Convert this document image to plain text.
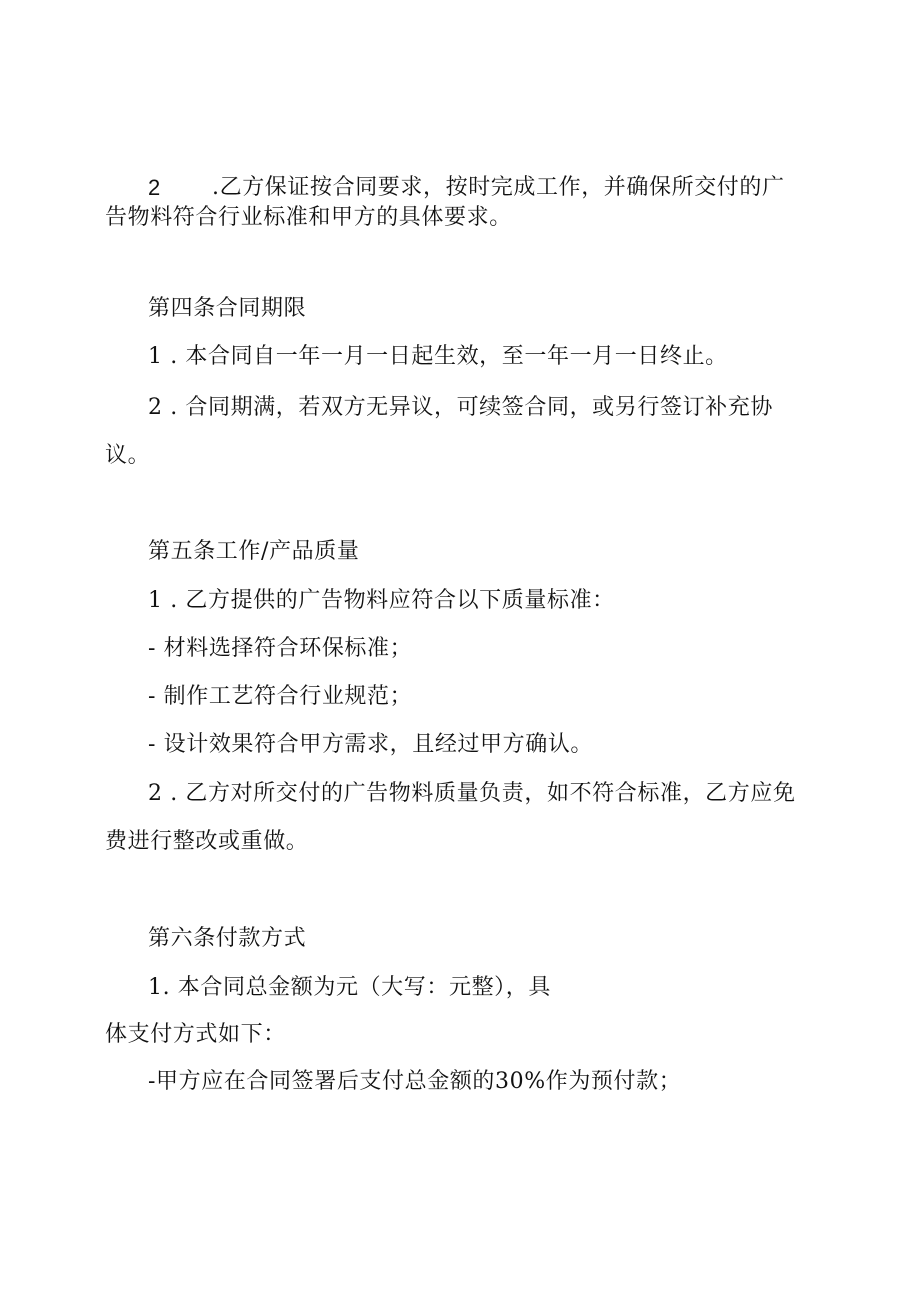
2 .乙方保证按合同要求，按时完成工作，并确保所交付的广
告物料符合行业标准和甲方的具体要求。
第四条合同期限
1 . 本合同自一年一月一日起生效，至一年一月一日终止。
2 . 合同期满，若双方无异议，可续签合同，或另行签订补充协
议。
第五条工作/产品质量
1 . 乙方提供的广告物料应符合以下质量标准：
- 材料选择符合环保标准；
- 制作工艺符合行业规范；
- 设计效果符合甲方需求，且经过甲方确认。
2 . 乙方对所交付的广告物料质量负责，如不符合标准，乙方应免
费进行整改或重做。
第六条付款方式
1. 本合同总金额为元（大写：元整），具
体支付方式如下：
-甲方应在合同签署后支付总金额的30%作为预付款；
